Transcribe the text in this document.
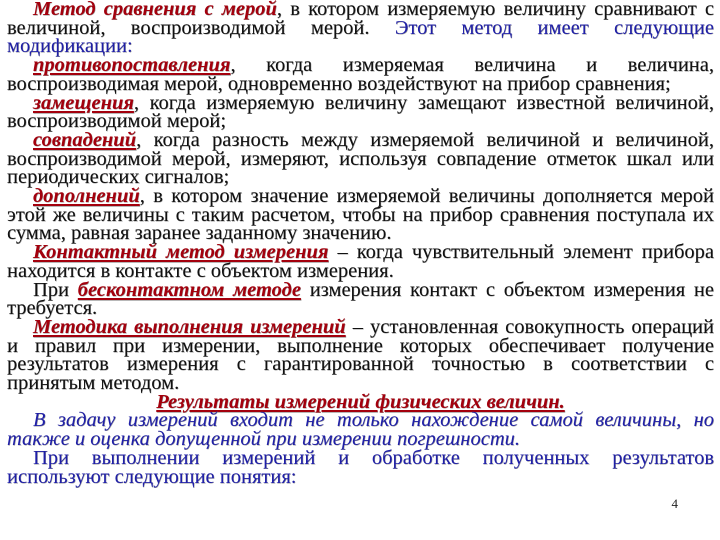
Метод сравнения с мерой, в котором измеряемую величину сравнивают с величиной, воспроизводимой мерой. Этот метод имеет следующие модификации:

противопоставления, когда измеряемая величина и величина, воспроизводимая мерой, одновременно воздействуют на прибор сравнения;

замещения, когда измеряемую величину замещают известной величиной, воспроизводимой мерой;

совпадений, когда разность между измеряемой величиной и величиной, воспроизводимой мерой, измеряют, используя совпадение отметок шкал или периодических сигналов;

дополнений, в котором значение измеряемой величины дополняется мерой этой же величины с таким расчетом, чтобы на прибор сравнения поступала их сумма, равная заранее заданному значению.

Контактный метод измерения – когда чувствительный элемент прибора находится в контакте с объектом измерения.

При бесконтактном методе измерения контакт с объектом измерения не требуется.

Методика выполнения измерений – установленная совокупность операций и правил при измерении, выполнение которых обеспечивает получение результатов измерения с гарантированной точностью в соответствии с принятым методом.

Результаты измерений физических величин.

В задачу измерений входит не только нахождение самой величины, но также и оценка допущенной при измерении погрешности.

При выполнении измерений и обработке полученных результатов используют следующие понятия:

4
